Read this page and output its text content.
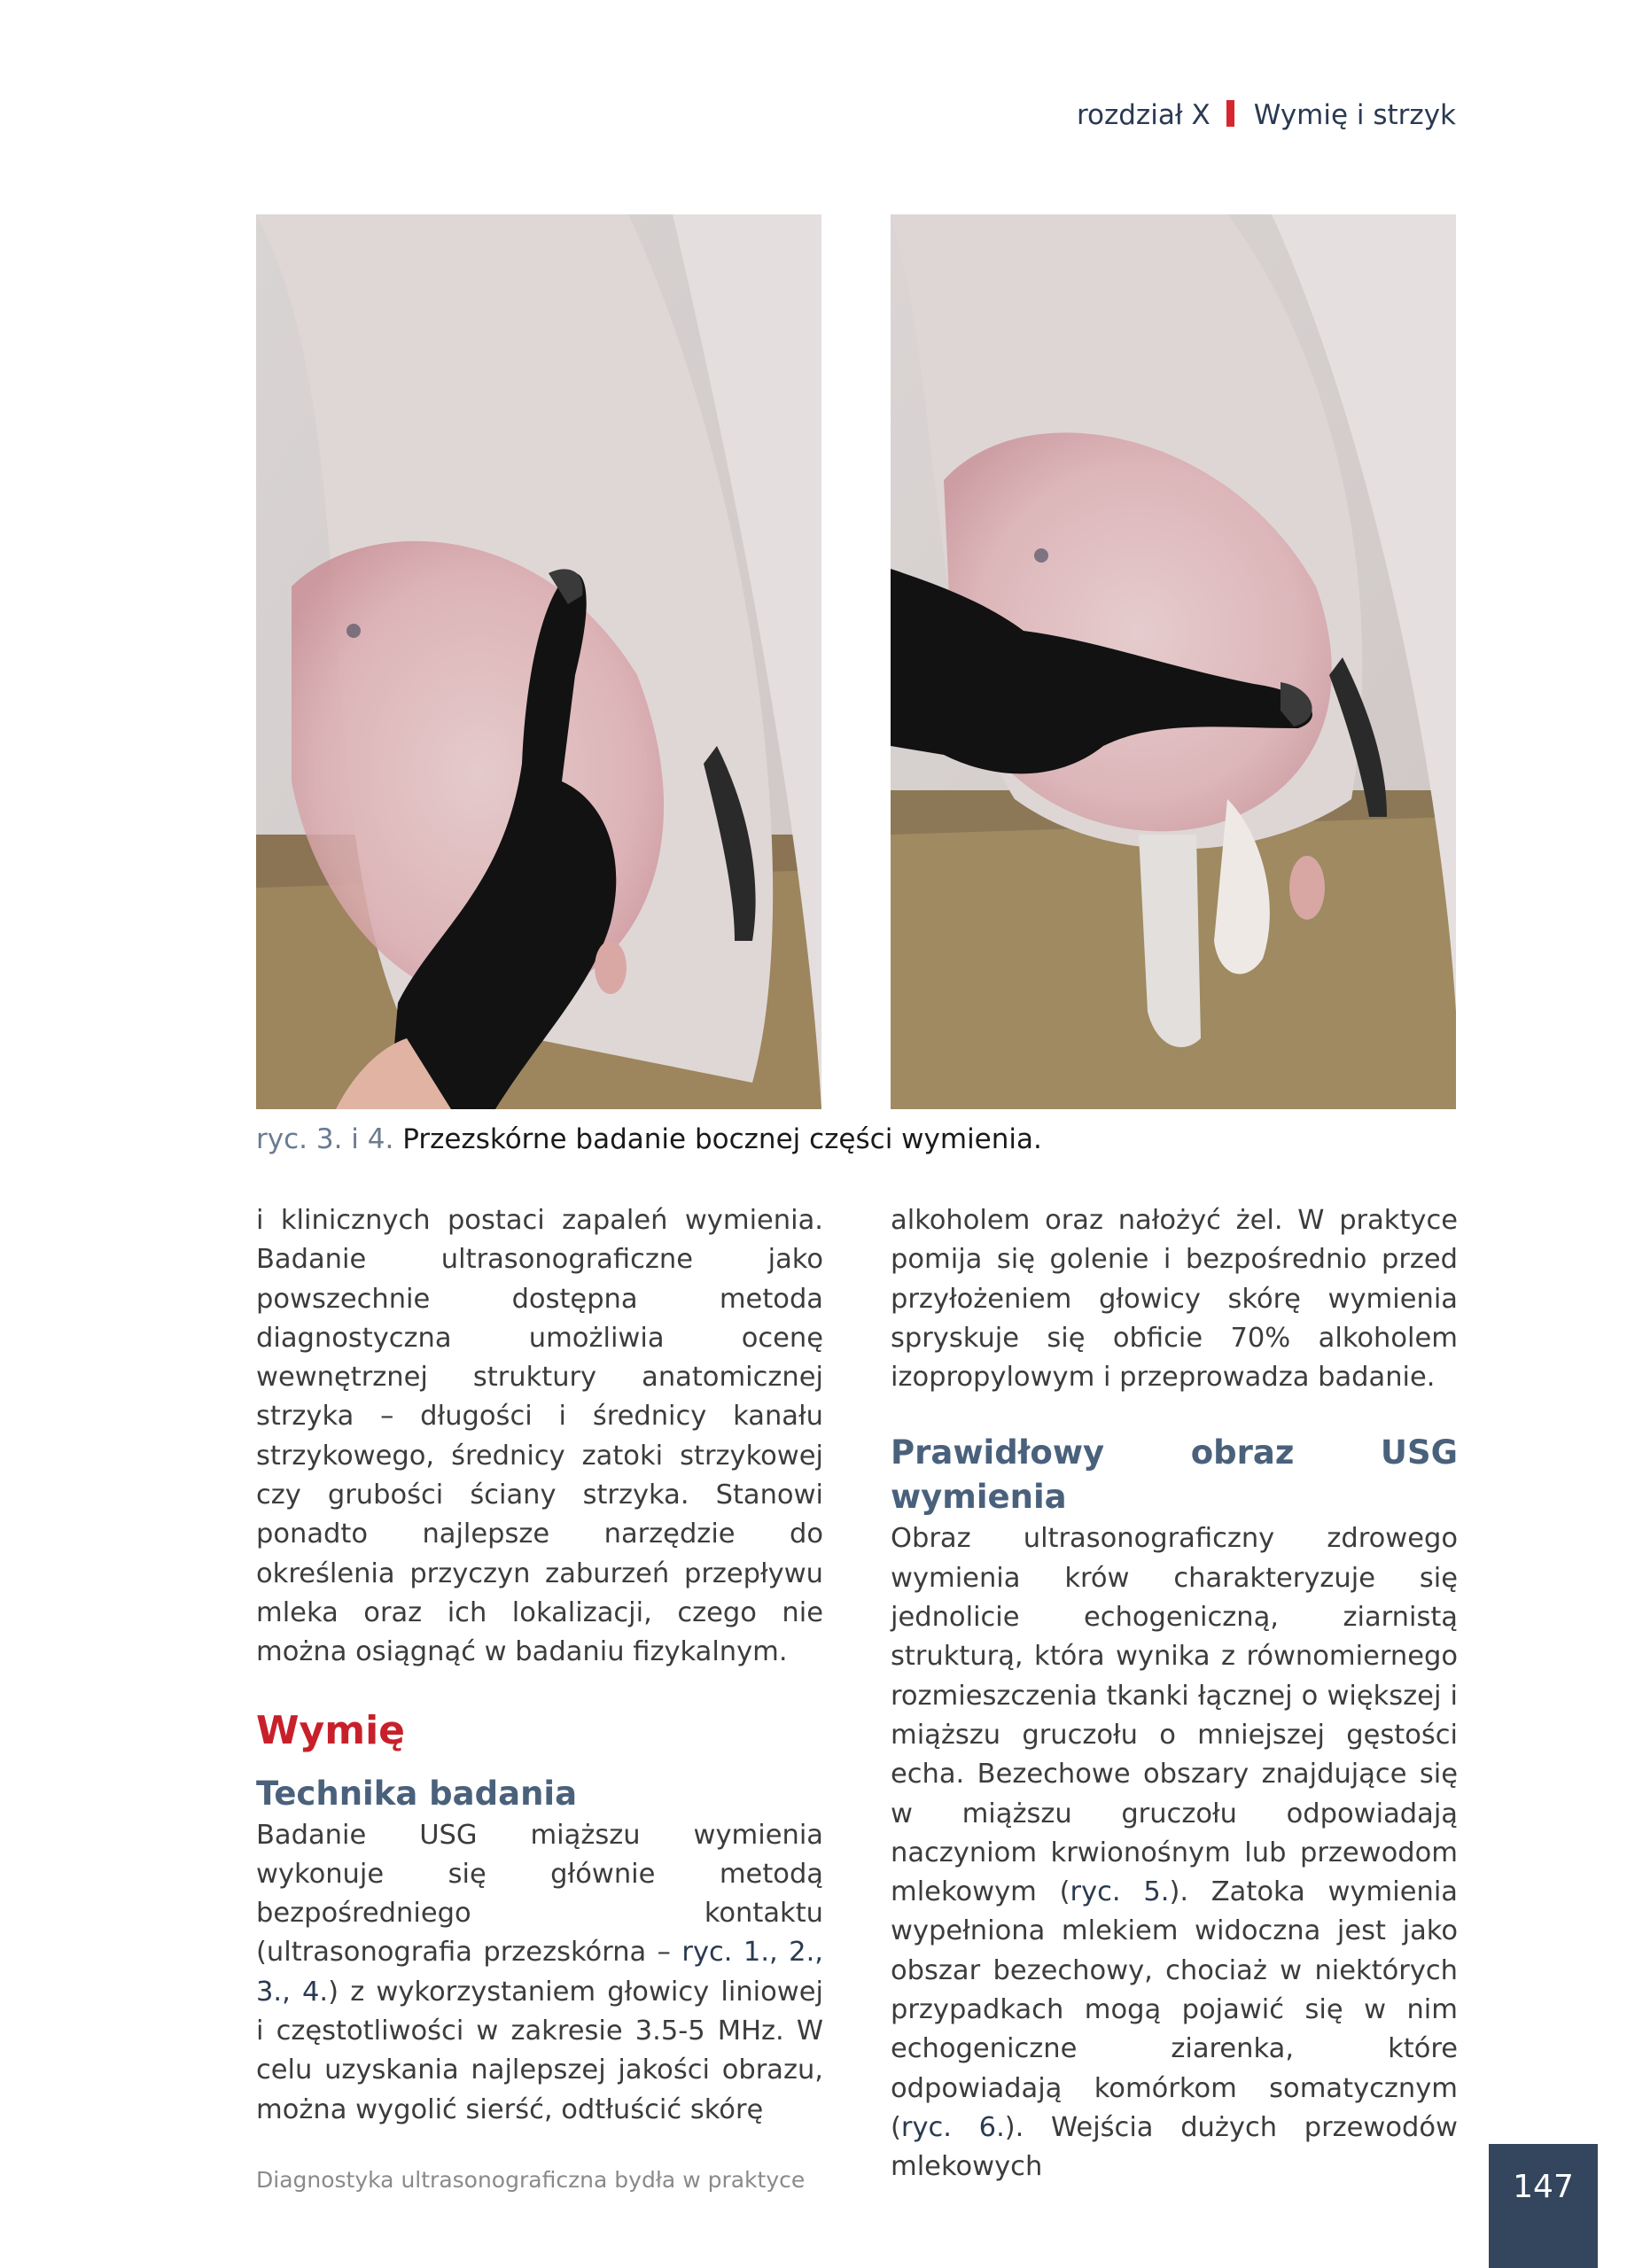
rozdział X Wymię i strzyk
ryc. 3. i 4. Przezskórne badanie bocznej części wymienia.

i klinicznych postaci zapaleń wymienia. Badanie ultrasonograficzne jako powszechnie dostępna metoda diagnostyczna umożliwia ocenę wewnętrznej struktury anatomicznej strzyka – długości i średnicy kanału strzykowego, średnicy zatoki strzykowej czy grubości ściany strzyka. Stanowi ponadto najlepsze narzędzie do określenia przyczyn zaburzeń przepływu mleka oraz ich lokalizacji, czego nie można osiągnąć w badaniu fizykalnym.

Wymię
Technika badania

Badanie USG miąższu wymienia wykonuje się głównie metodą bezpośredniego kontaktu (ultrasonografia przezskórna – ryc. 1., 2., 3., 4.) z wykorzystaniem głowicy liniowej i częstotliwości w zakresie 3.5-5 MHz. W celu uzyskania najlepszej jakości obrazu, można wygolić sierść, odtłuścić skórę

alkoholem oraz nałożyć żel. W praktyce pomija się golenie i bezpośrednio przed przyłożeniem głowicy skórę wymienia spryskuje się obficie 70% alkoholem izopropylowym i przeprowadza badanie.

Prawidłowy obraz USG wymienia

Obraz ultrasonograficzny zdrowego wymienia krów charakteryzuje się jednolicie echogeniczną, ziarnistą strukturą, która wynika z równomiernego rozmieszczenia tkanki łącznej o większej i miąższu gruczołu o mniejszej gęstości echa. Bezechowe obszary znajdujące się w miąższu gruczołu odpowiadają naczyniom krwionośnym lub przewodom mlekowym (ryc. 5.). Zatoka wymienia wypełniona mlekiem widoczna jest jako obszar bezechowy, chociaż w niektórych przypadkach mogą pojawić się w nim echogeniczne ziarenka, które odpowiadają komórkom somatycznym (ryc. 6.). Wejścia dużych przewodów mlekowych

Diagnostyka ultrasonograficzna bydła w praktyce	147
